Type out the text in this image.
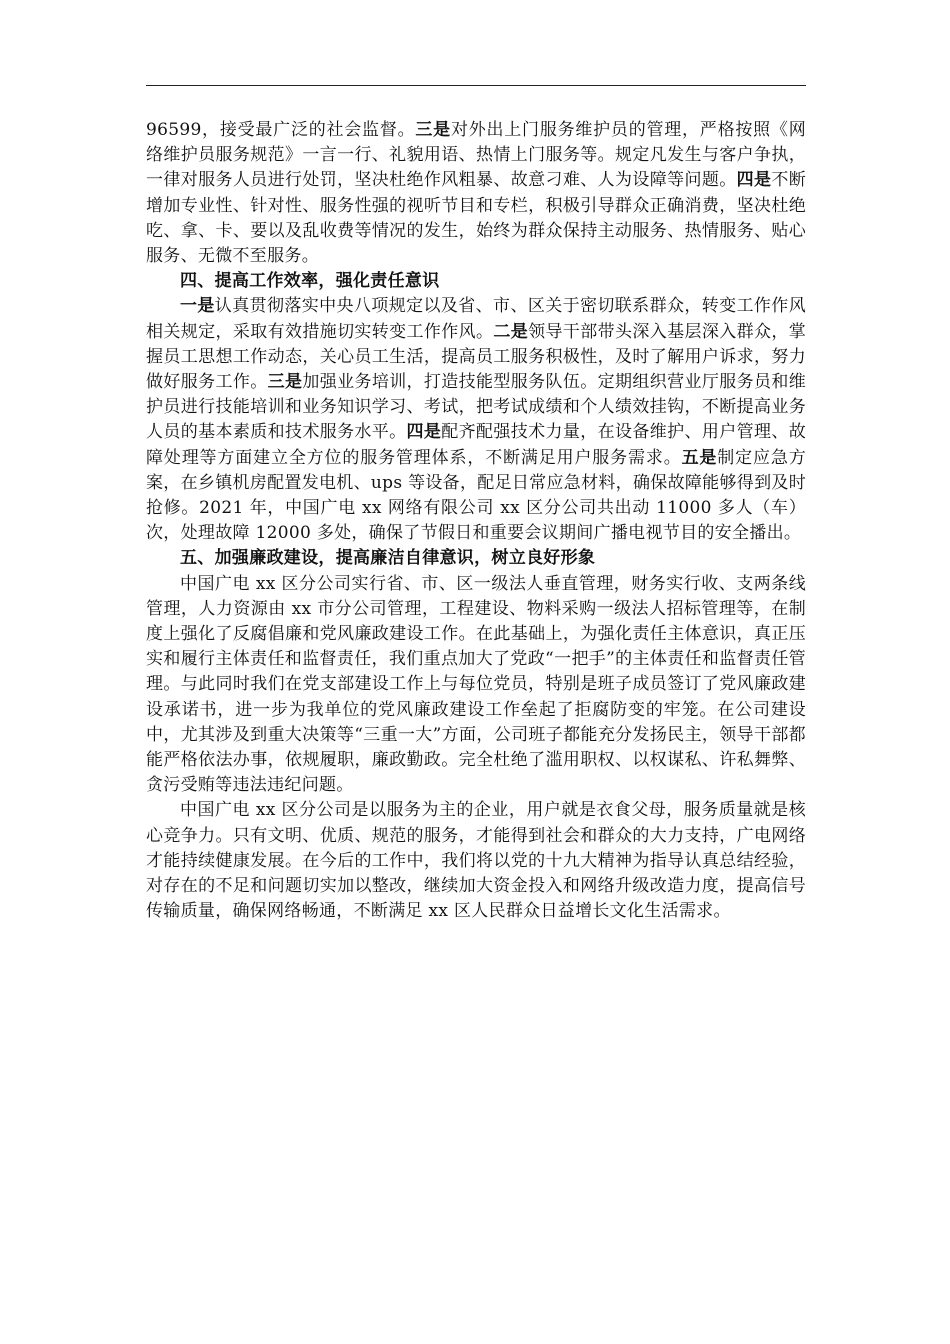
96599，接受最广泛的社会监督。三是对外出上门服务维护员的管理，严格按照《网络维护员服务规范》一言一行、礼貌用语、热情上门服务等。规定凡发生与客户争执，一律对服务人员进行处罚，坚决杜绝作风粗暴、故意刁难、人为设障等问题。四是不断增加专业性、针对性、服务性强的视听节目和专栏，积极引导群众正确消费，坚决杜绝吃、拿、卡、要以及乱收费等情况的发生，始终为群众保持主动服务、热情服务、贴心服务、无微不至服务。

四、提高工作效率，强化责任意识

一是认真贯彻落实中央八项规定以及省、市、区关于密切联系群众，转变工作作风相关规定，采取有效措施切实转变工作作风。二是领导干部带头深入基层深入群众，掌握员工思想工作动态，关心员工生活，提高员工服务积极性，及时了解用户诉求，努力做好服务工作。三是加强业务培训，打造技能型服务队伍。定期组织营业厅服务员和维护员进行技能培训和业务知识学习、考试，把考试成绩和个人绩效挂钩，不断提高业务人员的基本素质和技术服务水平。四是配齐配强技术力量，在设备维护、用户管理、故障处理等方面建立全方位的服务管理体系，不断满足用户服务需求。五是制定应急方案，在乡镇机房配置发电机、ups 等设备，配足日常应急材料，确保故障能够得到及时抢修。2021 年，中国广电 xx 网络有限公司 xx 区分公司共出动 11000 多人（车）次，处理故障 12000 多处，确保了节假日和重要会议期间广播电视节目的安全播出。

五、加强廉政建设，提高廉洁自律意识，树立良好形象

中国广电 xx 区分公司实行省、市、区一级法人垂直管理，财务实行收、支两条线管理，人力资源由 xx 市分公司管理，工程建设、物料采购一级法人招标管理等，在制度上强化了反腐倡廉和党风廉政建设工作。在此基础上，为强化责任主体意识，真正压实和履行主体责任和监督责任，我们重点加大了党政“一把手”的主体责任和监督责任管理。与此同时我们在党支部建设工作上与每位党员，特别是班子成员签订了党风廉政建设承诺书，进一步为我单位的党风廉政建设工作垒起了拒腐防变的牢笼。在公司建设中，尤其涉及到重大决策等“三重一大”方面，公司班子都能充分发扬民主，领导干部都能严格依法办事，依规履职，廉政勤政。完全杜绝了滥用职权、以权谋私、许私舞弊、贪污受贿等违法违纪问题。

中国广电 xx 区分公司是以服务为主的企业，用户就是衣食父母，服务质量就是核心竞争力。只有文明、优质、规范的服务，才能得到社会和群众的大力支持，广电网络才能持续健康发展。在今后的工作中，我们将以党的十九大精神为指导认真总结经验，对存在的不足和问题切实加以整改，继续加大资金投入和网络升级改造力度，提高信号传输质量，确保网络畅通，不断满足 xx 区人民群众日益增长文化生活需求。
